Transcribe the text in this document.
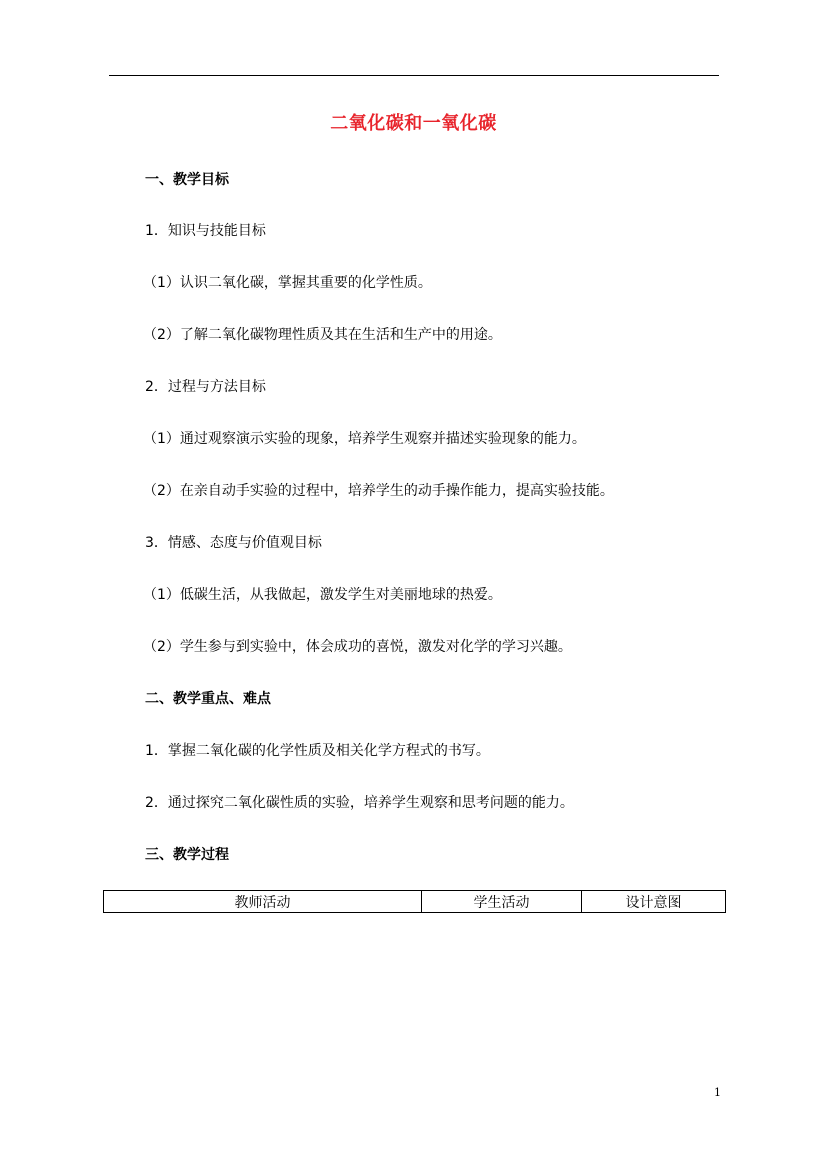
二氧化碳和一氧化碳
一、教学目标
1．知识与技能目标
（1）认识二氧化碳，掌握其重要的化学性质。
（2）了解二氧化碳物理性质及其在生活和生产中的用途。
2．过程与方法目标
（1）通过观察演示实验的现象，培养学生观察并描述实验现象的能力。
（2）在亲自动手实验的过程中，培养学生的动手操作能力，提高实验技能。
3．情感、态度与价值观目标
（1）低碳生活，从我做起，激发学生对美丽地球的热爱。
（2）学生参与到实验中，体会成功的喜悦，激发对化学的学习兴趣。
二、教学重点、难点
1．掌握二氧化碳的化学性质及相关化学方程式的书写。
2．通过探究二氧化碳性质的实验，培养学生观察和思考问题的能力。
三、教学过程
教师活动	学生活动	设计意图
1
